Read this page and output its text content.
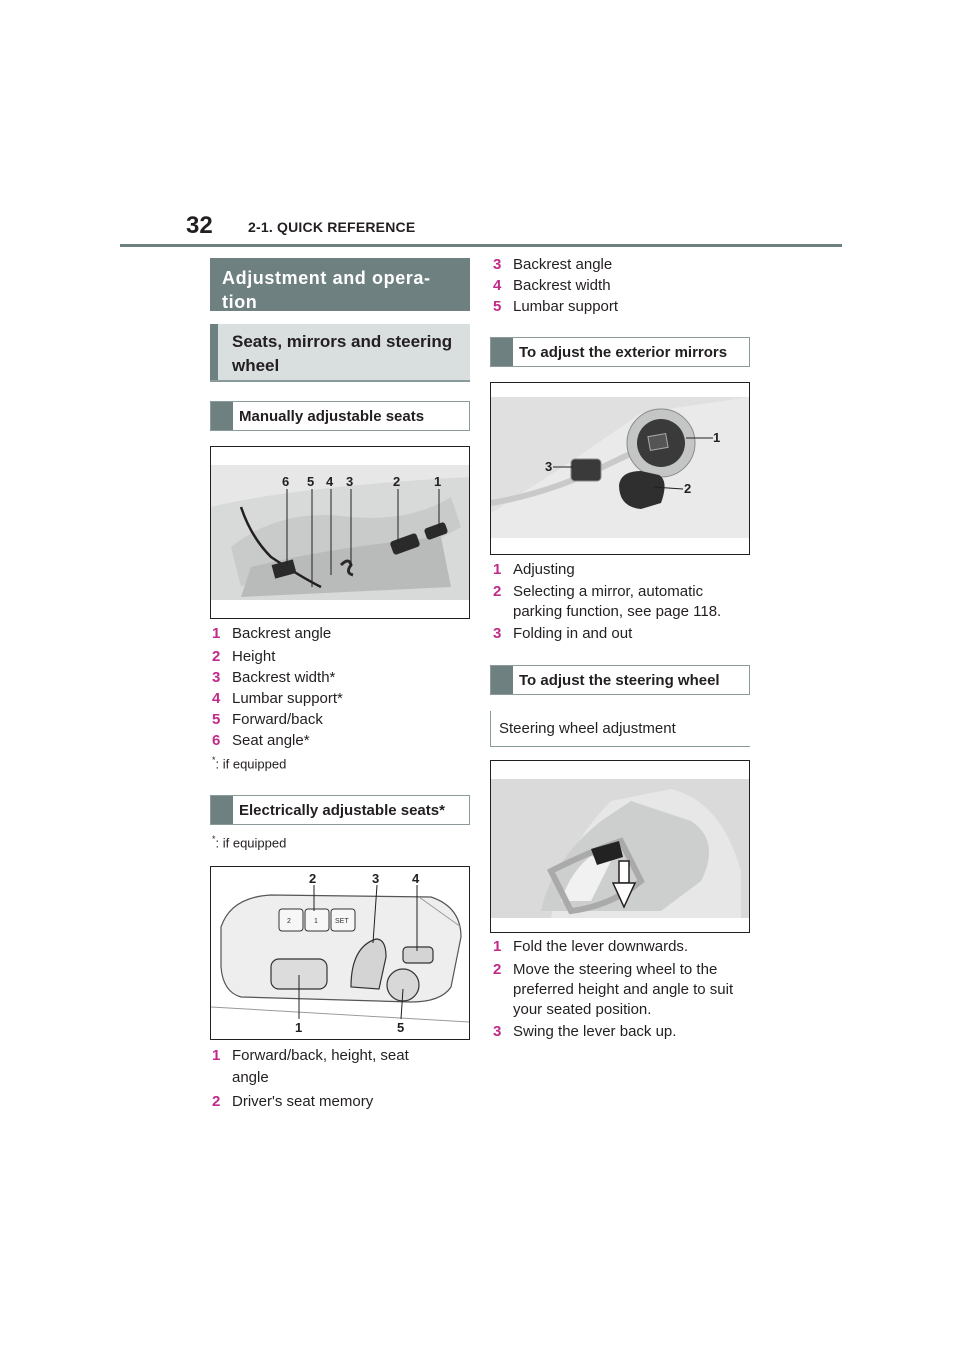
32	2-1. QUICK REFERENCE
Adjustment and opera-
tion
Seats, mirrors and steering wheel
Manually adjustable seats
6 5 4 3	2	1
1 Backrest angle
2 Height
3 Backrest width*
4 Lumbar support*
5 Forward/back
6 Seat angle*
*: if equipped
Electrically adjustable seats*
*: if equipped
2	1 SET
2	3	4
1	5
1 Forward/back, height, seat angle
2 Driver's seat memory
3 Backrest angle
4 Backrest width
5 Lumbar support
To adjust the exterior mirrors
1
3
2
1 Adjusting
2 Selecting a mirror, automatic parking function, see page 118.
3 Folding in and out
To adjust the steering wheel
Steering wheel adjustment
1 Fold the lever downwards.
2 Move the steering wheel to the preferred height and angle to suit your seated position.
3 Swing the lever back up.
